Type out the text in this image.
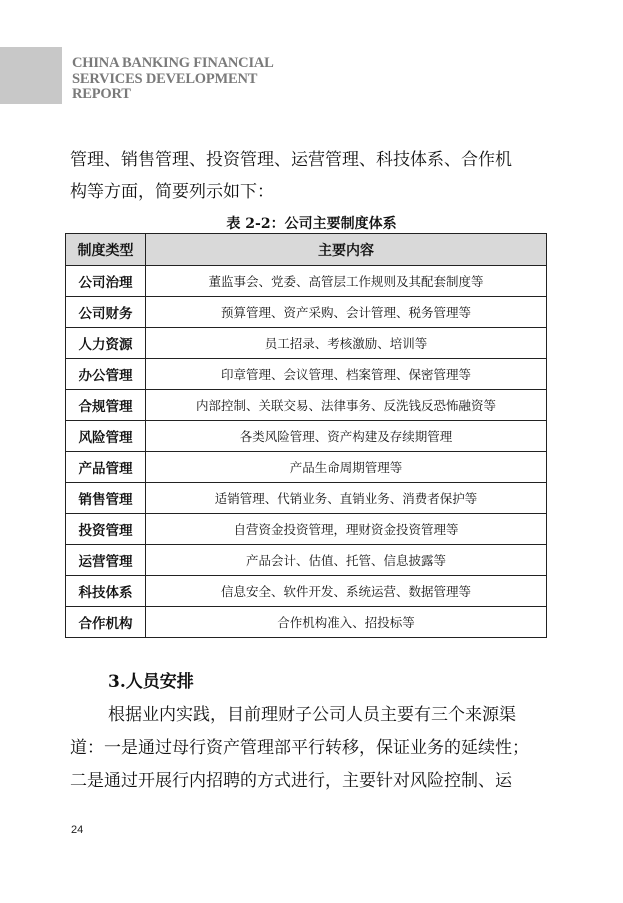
CHINA BANKING FINANCIAL
SERVICES DEVELOPMENT
REPORT
管理、销售管理、投资管理、运营管理、科技体系、合作机
构等方面，简要列示如下：
表 2-2：公司主要制度体系
制度类型	主要内容
公司治理	董监事会、党委、高管层工作规则及其配套制度等
公司财务	预算管理、资产采购、会计管理、税务管理等
人力资源	员工招录、考核激励、培训等
办公管理	印章管理、会议管理、档案管理、保密管理等
合规管理	内部控制、关联交易、法律事务、反洗钱反恐怖融资等
风险管理	各类风险管理、资产构建及存续期管理
产品管理	产品生命周期管理等
销售管理	适销管理、代销业务、直销业务、消费者保护等
投资管理	自营资金投资管理，理财资金投资管理等
运营管理	产品会计、估值、托管、信息披露等
科技体系	信息安全、软件开发、系统运营、数据管理等
合作机构	合作机构准入、招投标等
3.人员安排
根据业内实践，目前理财子公司人员主要有三个来源渠
道：一是通过母行资产管理部平行转移，保证业务的延续性；
二是通过开展行内招聘的方式进行，主要针对风险控制、运
24
